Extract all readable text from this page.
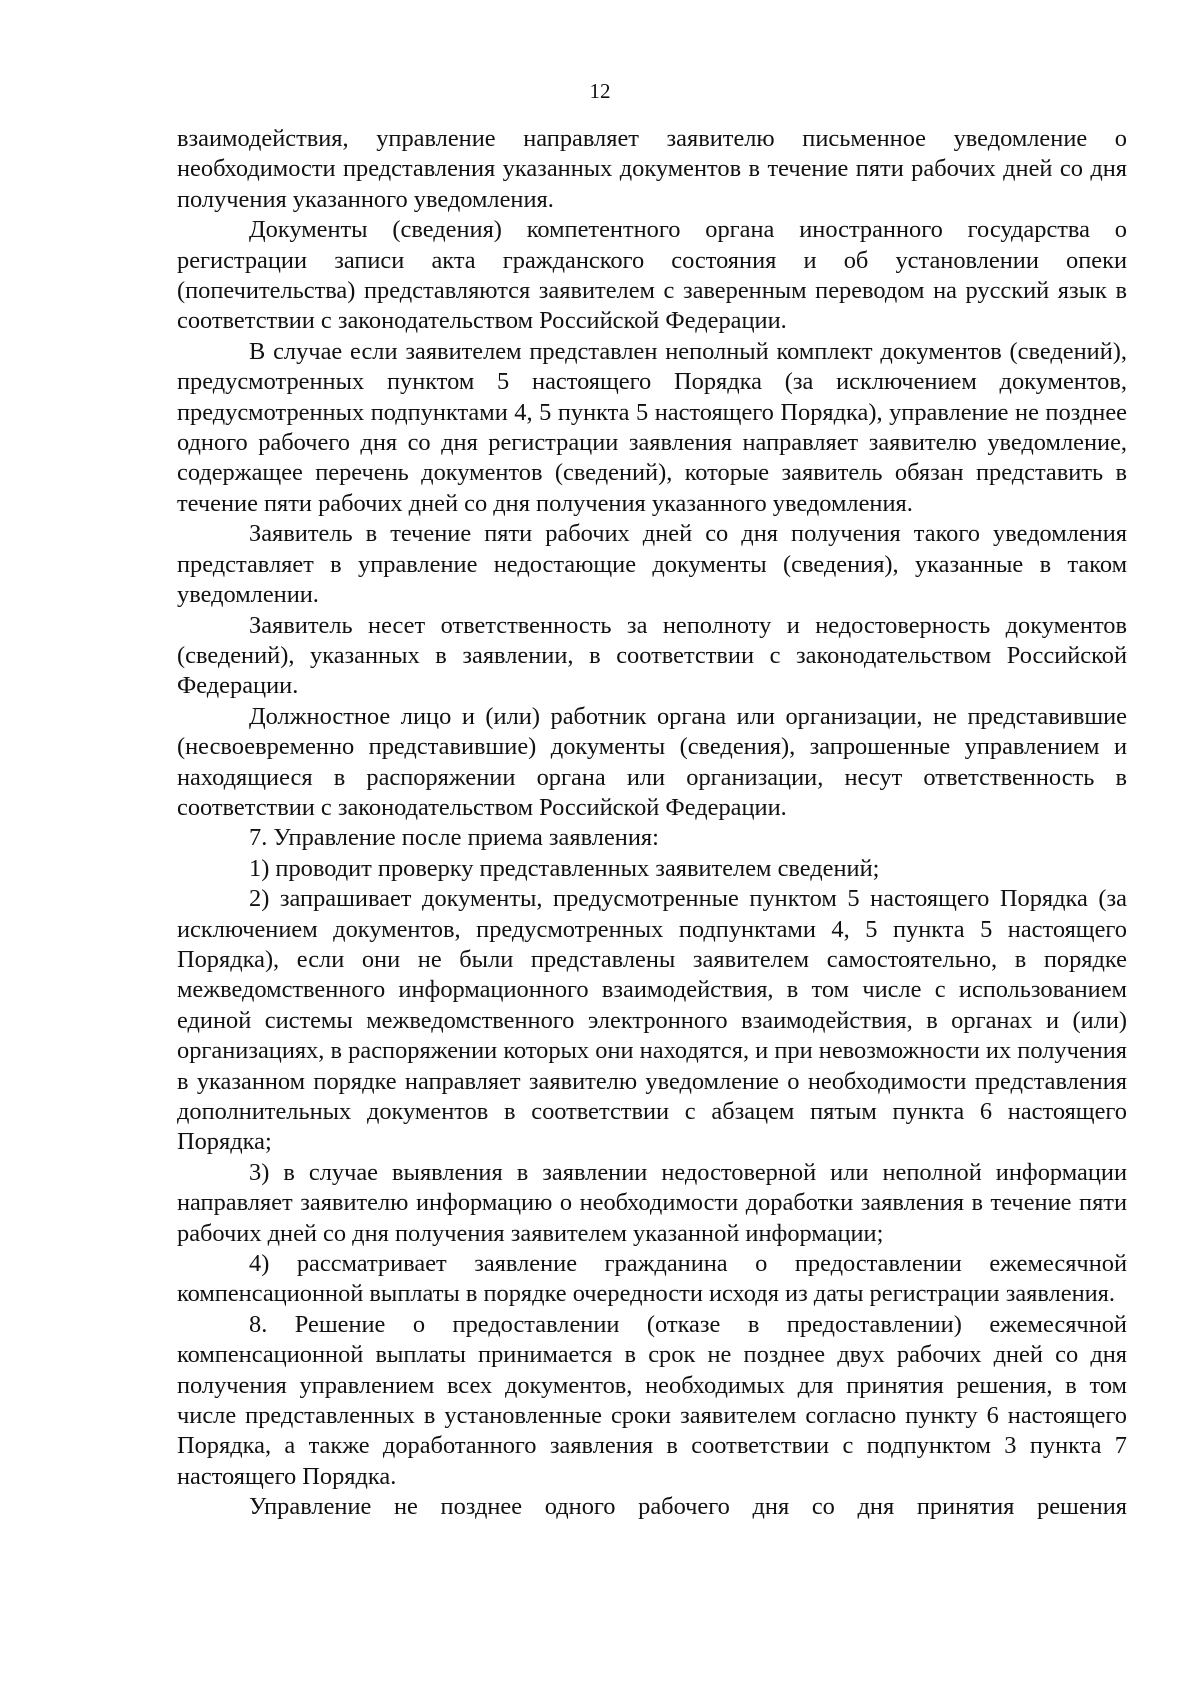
12

взаимодействия, управление направляет заявителю письменное уведомление о необходимости представления указанных документов в течение пяти рабочих дней со дня получения указанного уведомления.

Документы (сведения) компетентного органа иностранного государства о регистрации записи акта гражданского состояния и об установлении опеки (попечительства) представляются заявителем с заверенным переводом на русский язык в соответствии с законодательством Российской Федерации.

В случае если заявителем представлен неполный комплект документов (сведений), предусмотренных пунктом 5 настоящего Порядка (за исключением документов, предусмотренных подпунктами 4, 5 пункта 5 настоящего Порядка), управление не позднее одного рабочего дня со дня регистрации заявления направляет заявителю уведомление, содержащее перечень документов (сведений), которые заявитель обязан представить в течение пяти рабочих дней со дня получения указанного уведомления.

Заявитель в течение пяти рабочих дней со дня получения такого уведомления представляет в управление недостающие документы (сведения), указанные в таком уведомлении.

Заявитель несет ответственность за неполноту и недостоверность документов (сведений), указанных в заявлении, в соответствии с законодательством Российской Федерации.

Должностное лицо и (или) работник органа или организации, не представившие (несвоевременно представившие) документы (сведения), запрошенные управлением и находящиеся в распоряжении органа или организации, несут ответственность в соответствии с законодательством Российской Федерации.

7. Управление после приема заявления:

1) проводит проверку представленных заявителем сведений;

2) запрашивает документы, предусмотренные пунктом 5 настоящего Порядка (за исключением документов, предусмотренных подпунктами 4, 5 пункта 5 настоящего Порядка), если они не были представлены заявителем самостоятельно, в порядке межведомственного информационного взаимодействия, в том числе с использованием единой системы межведомственного электронного взаимодействия, в органах и (или) организациях, в распоряжении которых они находятся, и при невозможности их получения в указанном порядке направляет заявителю уведомление о необходимости представления дополнительных документов в соответствии с абзацем пятым пункта 6 настоящего Порядка;

3) в случае выявления в заявлении недостоверной или неполной информации направляет заявителю информацию о необходимости доработки заявления в течение пяти рабочих дней со дня получения заявителем указанной информации;

4) рассматривает заявление гражданина о предоставлении ежемесячной компенсационной выплаты в порядке очередности исходя из даты регистрации заявления.

8. Решение о предоставлении (отказе в предоставлении) ежемесячной компенсационной выплаты принимается в срок не позднее двух рабочих дней со дня получения управлением всех документов, необходимых для принятия решения, в том числе представленных в установленные сроки заявителем согласно пункту 6 настоящего Порядка, а также доработанного заявления в соответствии с подпунктом 3 пункта 7 настоящего Порядка.

Управление не позднее одного рабочего дня со дня принятия решения
